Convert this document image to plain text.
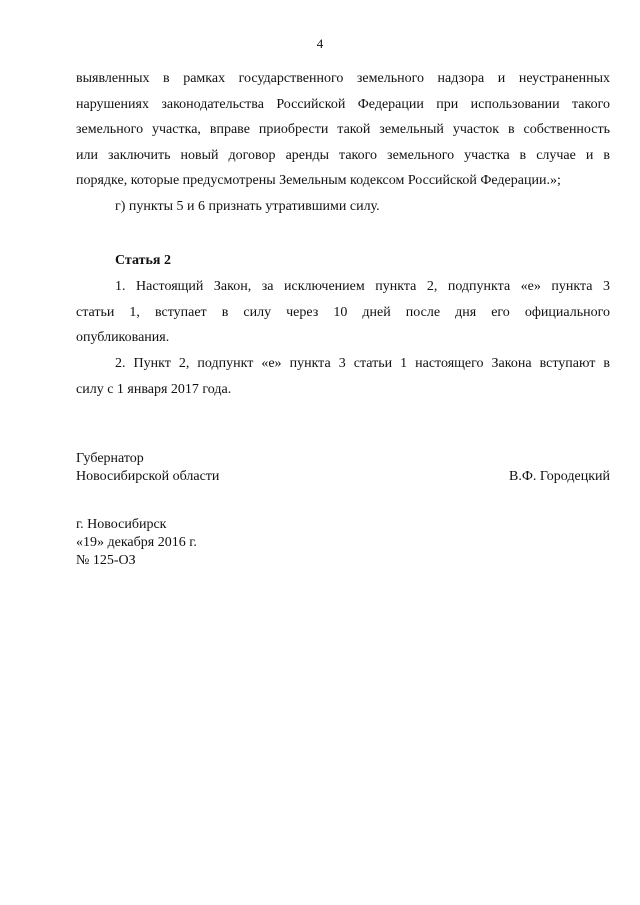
4

выявленных в рамках государственного земельного надзора и неустраненных

нарушениях законодательства Российской Федерации при использовании такого

земельного участка, вправе приобрести такой земельный участок в собственность

или заключить новый договор аренды такого земельного участка в случае и в

порядке, которые предусмотрены Земельным кодексом Российской Федерации.»;

г) пункты 5 и 6 признать утратившими силу.

Статья 2

1. Настоящий Закон, за исключением пункта 2, подпункта «е» пункта 3

статьи 1, вступает в силу через 10 дней после дня его официального

опубликования.

2. Пункт 2, подпункт «е» пункта 3 статьи 1 настоящего Закона вступают в

силу с 1 января 2017 года.

Губернатор
Новосибирской области	В.Ф. Городецкий
г. Новосибирск
«19» декабря 2016 г.
№ 125-ОЗ
